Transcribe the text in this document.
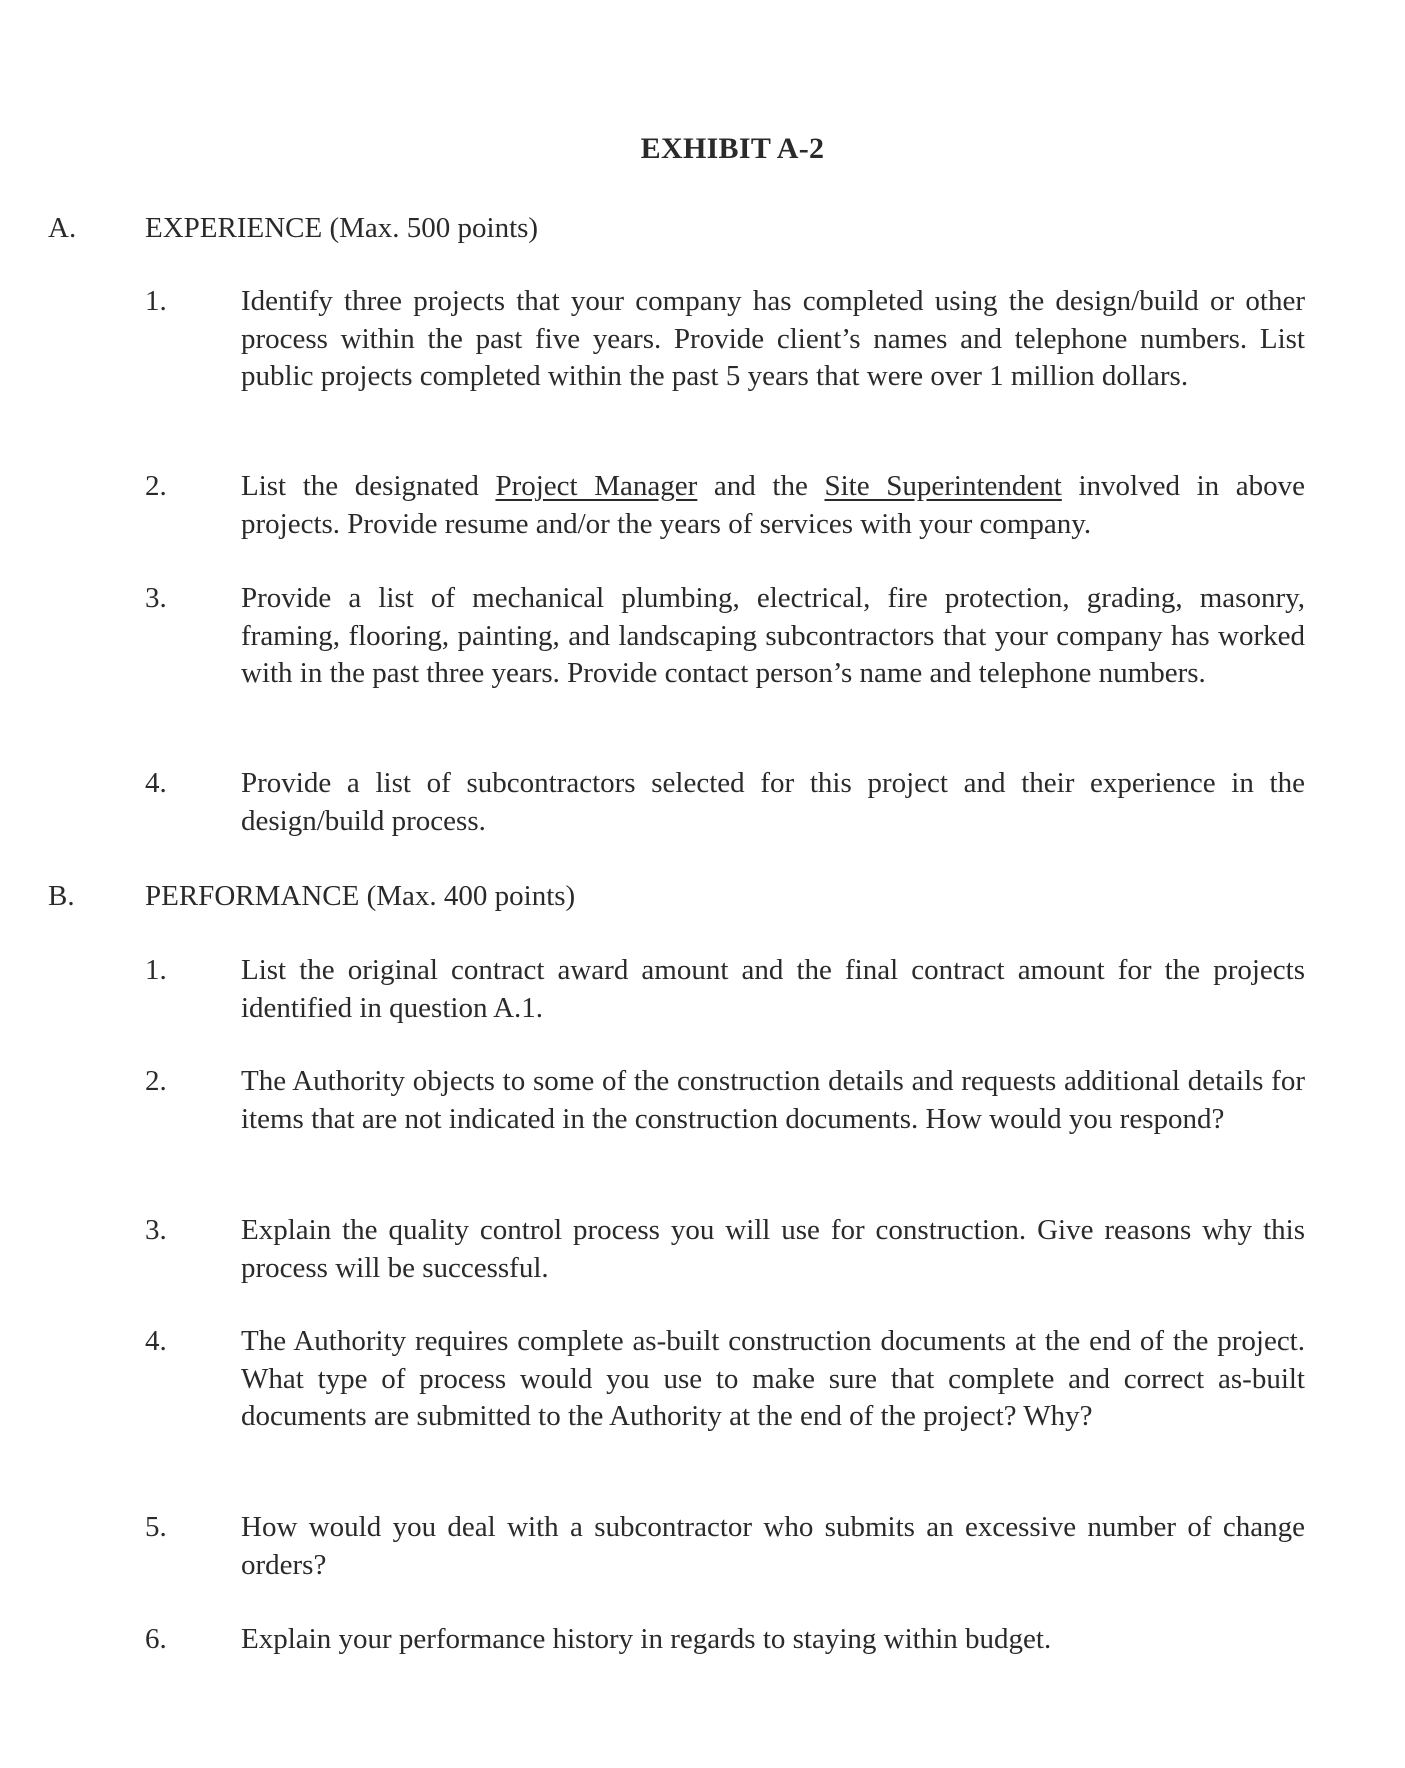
EXHIBIT A-2
A. EXPERIENCE (Max. 500 points)
1.	Identify three projects that your company has completed using the design/build or other process within the past five years. Provide client’s names and telephone numbers. List public projects completed within the past 5 years that were over 1 million dollars.
2.	List the designated Project Manager and the Site Superintendent involved in above projects. Provide resume and/or the years of services with your company.
3.	Provide a list of mechanical plumbing, electrical, fire protection, grading, masonry, framing, flooring, painting, and landscaping subcontractors that your company has worked with in the past three years. Provide contact person’s name and telephone numbers.
4.	Provide a list of subcontractors selected for this project and their experience in the design/build process.
B. PERFORMANCE (Max. 400 points)
1.	List the original contract award amount and the final contract amount for the projects identified in question A.1.
2.	The Authority objects to some of the construction details and requests additional details for items that are not indicated in the construction documents. How would you respond?
3.	Explain the quality control process you will use for construction. Give reasons why this process will be successful.
4.	The Authority requires complete as-built construction documents at the end of the project. What type of process would you use to make sure that complete and correct as-built documents are submitted to the Authority at the end of the project? Why?
5.	How would you deal with a subcontractor who submits an excessive number of change orders?
6.	Explain your performance history in regards to staying within budget.
